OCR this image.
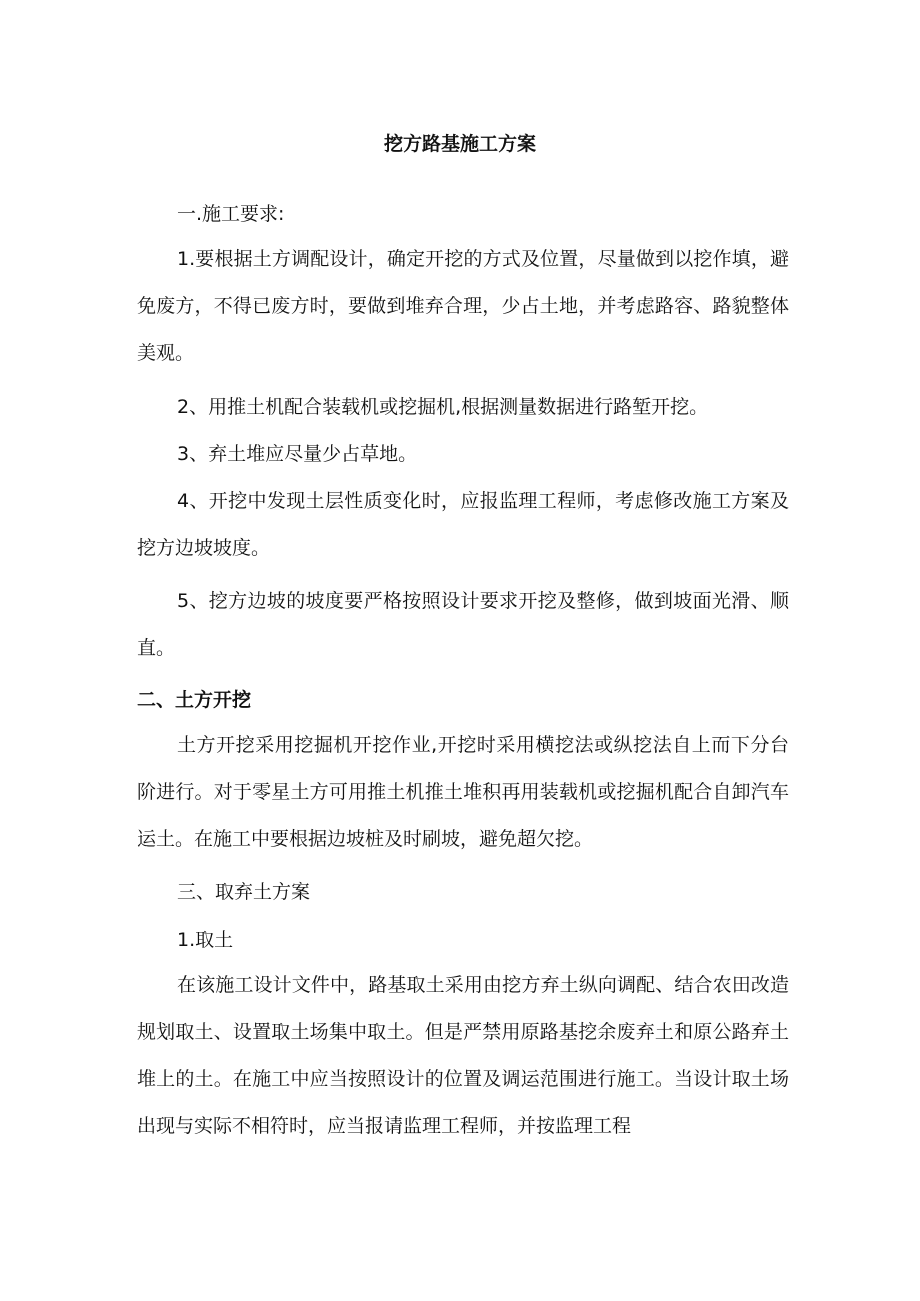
挖方路基施工方案
一.施工要求:

1.要根据土方调配设计，确定开挖的方式及位置，尽量做到以挖作填，避免废方，不得已废方时，要做到堆弃合理，少占土地，并考虑路容、路貌整体美观。

2、用推土机配合装载机或挖掘机,根据测量数据进行路堑开挖。
3、弃土堆应尽量少占草地。

4、开挖中发现土层性质变化时，应报监理工程师，考虑修改施工方案及挖方边坡坡度。

5、挖方边坡的坡度要严格按照设计要求开挖及整修，做到坡面光滑、顺直。

二、土方开挖

土方开挖采用挖掘机开挖作业,开挖时采用横挖法或纵挖法自上而下分台阶进行。对于零星土方可用推土机推土堆积再用装载机或挖掘机配合自卸汽车运土。在施工中要根据边坡桩及时刷坡，避免超欠挖。

三、取弃土方案
1.取土

在该施工设计文件中，路基取土采用由挖方弃土纵向调配、结合农田改造规划取土、设置取土场集中取土。但是严禁用原路基挖余废弃土和原公路弃土堆上的土。在施工中应当按照设计的位置及调运范围进行施工。当设计取土场出现与实际不相符时，应当报请监理工程师，并按监理工程
